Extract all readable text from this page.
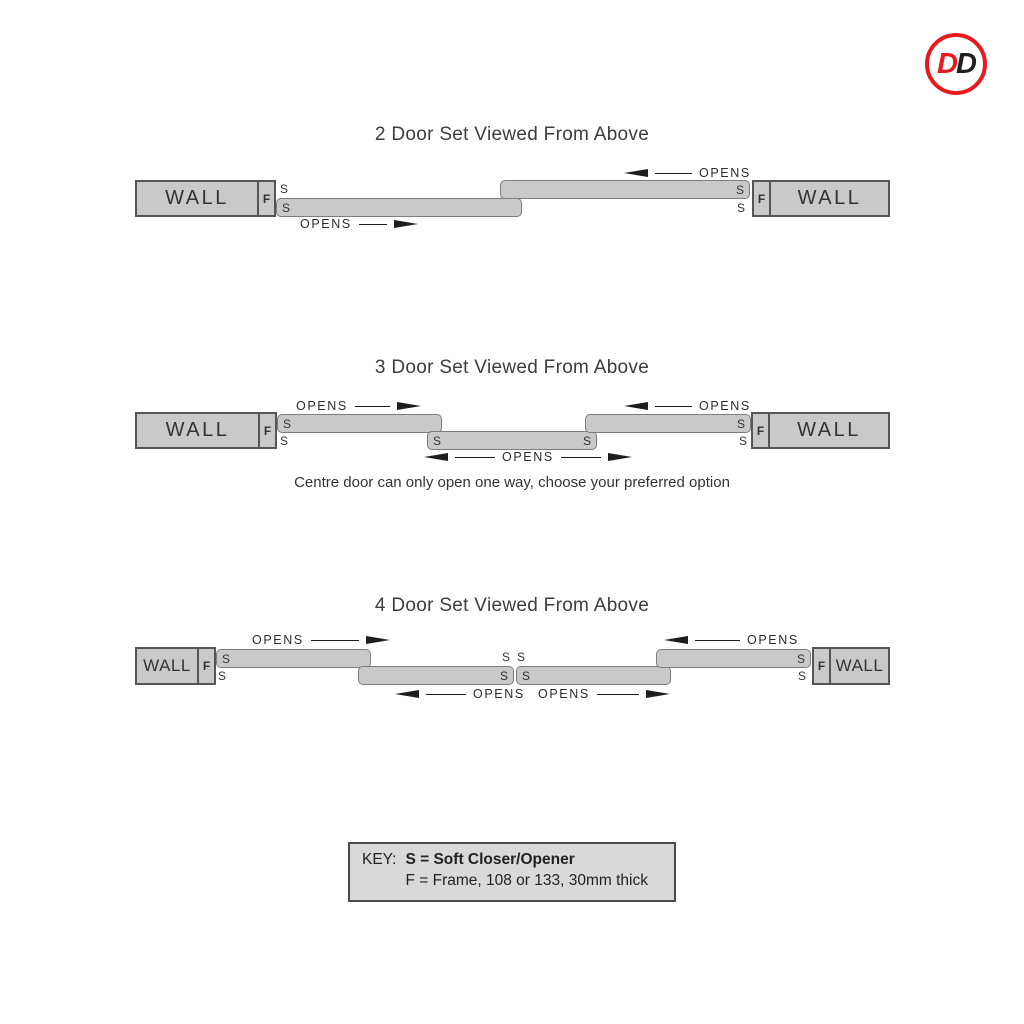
D D
2 Door Set Viewed From Above
WALL	F
S
S
OPENS
OPENS
S
S
F	WALL
3 Door Set Viewed From Above
WALL	F
OPENS
S
S	S	S
OPENS
OPENS
S
S
F	WALL
Centre door can only open one way, choose your preferred option
4 Door Set Viewed From Above
WALL	F
OPENS
S
S	S
S S
S
S
OPENS
S
F WALL
OPENS OPENS
KEY: S = Soft Closer/Opener
F = Frame, 108 or 133, 30mm thick
